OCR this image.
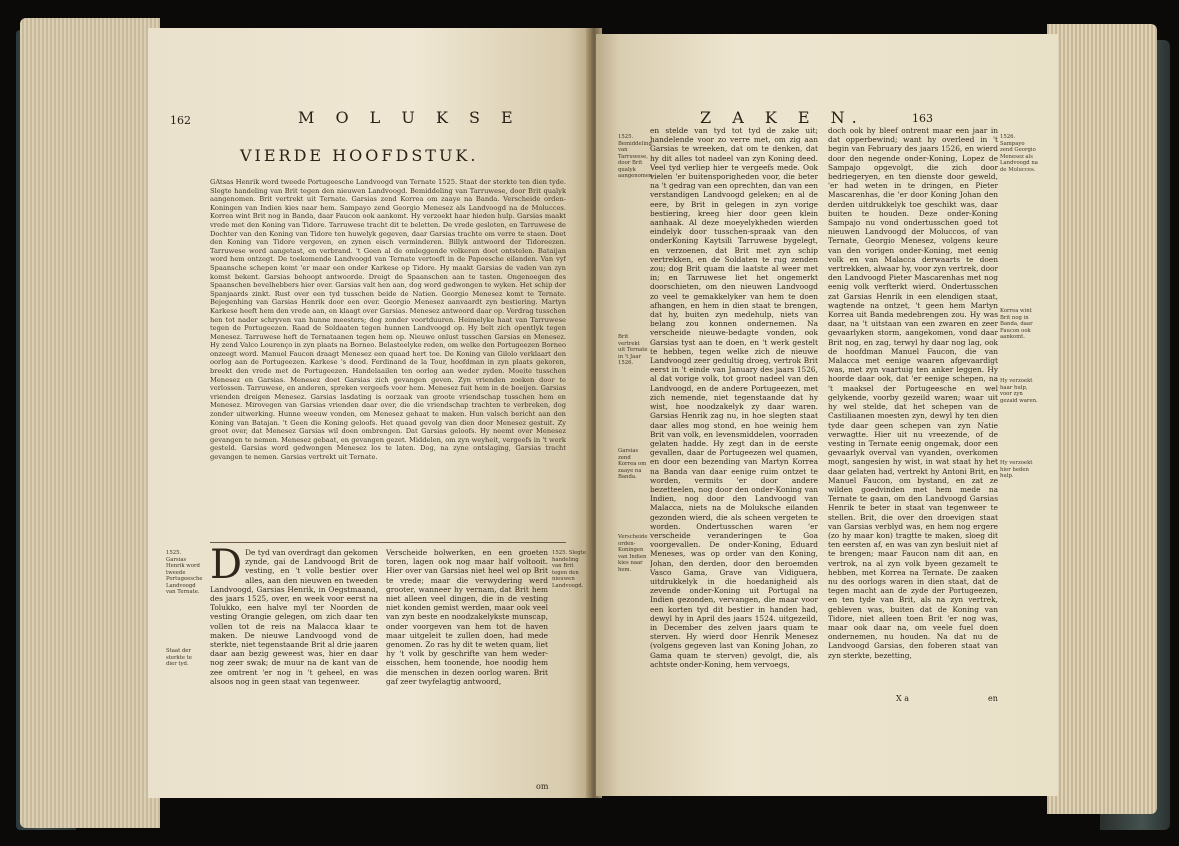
162	M O L U K S E
VIERDE HOOFDSTUK.
GAtsas Henrik word tweede Portugeesche Landvoogd van Ternate 1525. Staat der sterkte ten dien tyde. Slegte handeling van Brit tegen den nieuwen Landvoogd. Bemiddeling van Tarruwese, door Brit qualyk aangenomen. Brit vertrekt uit Ternate. Garsias zend Korrea om zaaye na Banda. Verscheide orden-Koningen van Indien kies naar hem. Sampayo zend Georgio Menesez als Landvoogd na de Molucces. Korrea wint Brit nog in Banda, daar Faucon ook aankomt. Hy verzoekt haar hieden hulp. Garsias maakt vrede met den Koning van Tidore. Tarruwese tracht dit te beletten. De vrede gesloten, en Tarruwese de Dochter van den Koning van Tidore ten huwelyk gegeven, daar Garsias trachte om verre te staen. Doet den Koning van Tidore vergeven, en zynen eisch verminderen. Billyk antwoord der Tidoreezen. Tarruwese word aangetast, en verbrand. 't Geen al de omleggende volkeren doet ontstelen. Bataijan word hem ontzegt. De toekomende Landvoogd van Ternate vertoeft in de Papoesche eilanden. Van vyf Spaansche schepen komt 'er maar een onder Karkese op Tidore. Hy maakt Garsias de vaden van zyn komst bekent. Garsias behoopt antwoorde. Dreigt de Spaanschen aan te tasten. Ongenoegen des Spaanschen bevelhebbers hier over. Garsias valt hen aan, dog word gedwongen te wyken. Het schip der Spanjaards zinkt. Rust over een tyd tusschen beide de Natien. Georgio Menesez komt te Ternate. Bejegenhing van Garsias Henrik door een over. Georgio Menesez aanvaardt zyn bestiering. Martyn Karkese heeft hem den vrede aan, en klaagt over Garsias. Menesez antwoord daar op. Verdrag tusschen hen tot nader schryven van hunne meesters; dog zonder voortduuren. Heimelyke haat van Tarruwese tegen de Portugeezen. Raad de Soldaaten tegen hunnen Landvoogd op. Hy belt zich opentlyk tegen Menesez. Tarruwese heft de Ternataanen tegen hem op. Nieuwe onlust tusschen Garsias en Menesez. Hy zend Valco Lourenço in zyn plaats na Borneo. Belasteelyke reden, om welke den Portugeezen Borneo onzeegt word. Manuel Faucon draagt Menesez een quaad hert toe. De Koning van Gilolo verklaart den oorlog aan de Portugeezen. Karkese 's dood. Ferdinand de la Tour, hoofdman in zyn plaats gekoren, breekt den vrede met de Portugeezen. Handelaailen ten oorlog aan weder zyden. Moeite tusschen Menesez en Garsias. Menesez doet Garsias zich gevangen geven. Zyn vrienden zoeken door te verlossen. Tarruwese, en anderen, spreken vergeefs voor hem. Menesez fuit hem in de boeijen. Garsias vrienden dreigen Menesez. Garsias lasdating is oorzaak van groote vriendschap tusschen hem en Menesez. Mirovegen van Garsias vrienden daar over, die die vriendschap trachten te verbreken, dog zonder uitwerking. Hunne weeuw vonden, om Menesez gehaat te maken. Hun valsch bericht aan den Koning van Batajan. 't Geen die Koning geloofs. Het quaad gevolg van dien door Menesez gestuit. Zy groot over, dat Menesez Garsias wil doen ombrengen. Dat Garsias geloofs. Hy neemt over Menesez gevangen te nemen. Menesez gebaat, en gevangen gezet. Middelen, om zyn weyheit, vergeefs in 't werk gesteld. Garsias word gedwongen Menesez los te laten. Dog, na zyne ontslaging, Garsias tracht gevangen te nemen. Garsias vertrekt uit Ternate.
1525. Garsias Henrik word tweede Portugeesche Landvoogd van Ternate.
Staat der sterkte te dier tyd.
D De tyd van overdragt dan gekomen zynde, gai de Landvoogd Brit de vesting, en 't volle bestier over alles, aan den nieuwen en tweeden Landvoogd, Garsias Henrik, in Oegstmaand, des jaars 1525, over, en week voor eerst na Tolukko, een halve myl ter Noorden de vesting Orangie gelegen, om zich daar ten vollen tot de reis na Malacca klaar te maken. De nieuwe Landvoogd vond de sterkte, niet tegenstaande Brit al drie jaaren daar aan bezig geweest was, hier en daar nog zeer swak; de muur na de kant van de zee omtrent 'er nog in 't geheel, en was alsoos nog in geen staat van tegenweer.
Verscheide bolwerken, en een groeten toren, lagen ook nog maar half voltooit. Hier over van Garsias niet heel wel op Brit te vrede; maar die verwydering werd grooter, wanneer hy vernam, dat Brit hem niet alleen veel dingen, die in de vesting niet konden gemist werden, maar ook veel van zyn beste en noodzakelykste munscap, onder voorgeven van hem tot de haven maar uitgeleit te zullen doen, had mede genomen. Zo ras hy dit te weten quam, liet hy 't volk by geschrifte van hem weder-eisschen, hem toonende, hoe noodig hem die menschen in dezen oorlog waren. Brit gaf zeer twyfelagtig antwoord,
1525. Slegte handeling van Brit tegen den nieuwen Landvoogd.
om
Z A K E N.	163
1525. Bemiddeling van Tarruwese, door Brit qualyk aangenomen.
Brit vertrekt uit Ternate in 't Jaar 1526.
Garsias zend Korrea om zaaye na Banda.
Verscheide orden-Koningen van Indien kies naar hem.
en stelde van tyd tot tyd de zake uit; handelende voor zo verre met, om zig aan Garsias te wreeken, dat om te denken, dat hy dit alles tot nadeel van zyn Koning deed. Veel tyd verliep hier te vergeefs mede. Ook vielen 'er buitensporigheden voor, die beter na 't gedrag van een oprechten, dan van een verstandigen Landvoogd geleken; en al de eere, by Brit in gelegen in zyn vorige bestiering, kreeg hier door geen klein aanhaak. Al deze moeyelykheden wierden eindelyk door tusschen-spraak van den onderKoning Kaytsili Tarruwese bygelegt, en verzoenen, dat Brit met zyn schip vertrekken, en de Soldaten te rug zenden zou; dog Brit quam die laatste al weer met in; en Tarruwese liet het ongemerkt doorschieten, om den nieuwen Landvoogd zo veel te gemakkelyker van hem te doen afhangen, en hem in dien staat te brengen, dat hy, buiten zyn medehulp, niets van belang zou konnen ondernemen. Na verscheide nieuwe-bedagte vonden, ook Garsias tyst aan te doen, en 't werk gestelt te hebben, tegen welke zich de nieuwe Landvoogd zeer gedultig droeg, vertrok Brit eerst in 't einde van January des jaars 1526, al dat vorige volk, tot groot nadeel van den Landvoogd, en de andere Portugeezen, met zich nemende, niet tegenstaande dat hy wist, hoe noodzakelyk zy daar waren. Garsias Henrik zag nu, in hoe slegten staat daar alles mog stond, en hoe weinig hem Brit van volk, en levensmiddelen, voorraden gelaten hadde. Hy zegt dan in de eerste gevallen, daar de Portugeezen wel quamen, en door een bezending van Martyn Korrea na Banda van daar eenige ruim ontzet te worden, vermits 'er door andere bezetteelen, nog door den onder-Koning van Indien, nog door den Landvoogd van Malacca, niets na de Moluksche eilanden gezonden wierd, die als scheen vergeten te worden. Ondertusschen waren 'er verscheide veranderingen te Goa voorgevallen. De onder-Koning, Eduard Meneses, was op order van den Koning, Johan, den derden, door den beroemden Vasco Gama, Grave van Vidiguera, uitdrukkelyk in die hoedanigheid als zevende onder-Koning uit Portugal na Indien gezonden, vervangen, die maar voor een korten tyd dit bestier in handen had, dewyl hy in April des jaars 1524. uitgezeild, in December des zelven jaars quam te sterven. Hy wierd door Henrik Menesez (volgens gegeven last van Koning Johan, zo Gama quam te sterven) gevolgt, die, als achtste onder-Koning, hem vervoegs,
doch ook hy bleef ontrent maar een jaar in dat opperbewind; want hy overleed in 't begin van February des jaars 1526, en wierd door den negende onder-Koning, Lopez de Sampajo opgevolgt, die zich door bedriegeryen, en ten dienste door geweld, 'er had weten in te dringen, en Pieter Mascarenhas, die 'er door Koning Johan den derden uitdrukkelyk toe geschikt was, daar buiten te houden. Deze onder-Koning Sampajo nu vond ondertusschen goed tot nieuwen Landvoogd der Moluccos, of van Ternate, Georgio Menesez, volgens keure van den vorigen onder-Koning, met eenig volk en van Malacca derwaarts te doen vertrekken, alwaar hy, voor zyn vertrek, door den Landvoogd Pieter Mascarenhas met nog eenig volk verfterkt wierd. Ondertusschen zat Garsias Henrik in een elendigen staat, wagtende na ontzet, 't geen hem Martyn Korrea uit Banda medebrengen zou. Hy was daar, na 't uitstaan van een zwaren en zeer gevaarlyken storm, aangekomen, vond daar Brit nog, en zag, terwyl hy daar nog lag, ook de hoofdman Manuel Faucon, die van Malacca met eenige waaren afgevaardigt was, met zyn vaartuig ten anker leggen. Hy hoorde daar ook, dat 'er eenige schepen, na 't maaksel der Portugeesche en wel gelykende, voorby gezeild waren; waar uit hy wel stelde, dat het schepen van de Castiliaanen moesten zyn, dewyl hy ten dien tyde daar geen schepen van zyn Natie verwagtte. Hier uit nu vreezende, of de vesting in Ternate eenig ongemak, door een gevaarlyk overval van vyanden, overkomen mogt, sangesien hy wist, in wat staat hy het daar gelaten had, vertrekt hy Antoni Brit, en Manuel Faucon, om bystand, en zat ze wilden goedvinden met hem mede na Ternate te gaan, om den Landvoogd Garsias Henrik te beter in staat van tegenweer te stellen. Brit, die over den droevigen staat van Garsias verblyd was, en hem nog ergere (zo hy maar kon) tragtte te maken, sloeg dit ten eersten af, en was van zyn besluit niet af te brengen; maar Faucon nam dit aan, en vertrok, na al zyn volk byeen gezamelt te hebben, met Korrea na Ternate. De zaaken nu des oorlogs waren in dien staat, dat de tegen macht aan de zyde der Portugeezen, en ten tyde van Brit, als na zyn vertrek, gebleven was, buiten dat de Koning van Tidore, niet alleen toen Brit 'er nog was, maar ook daar na, om veele fuel doen ondernemen, nu houden. Na dat nu de Landvoogd Garsias, den foberen staat van zyn sterkte, bezetting,
1526. Sampayo zend Georgio Menesez als Landvoogd na de Molucces.
Korrea wint Brit nog in Banda, daar Faucon ook aankomt.
Hy verzoekt haar hulp, voor zyn gezaid waren.
Hy verzoekt hier heden hulp.
X a	en
